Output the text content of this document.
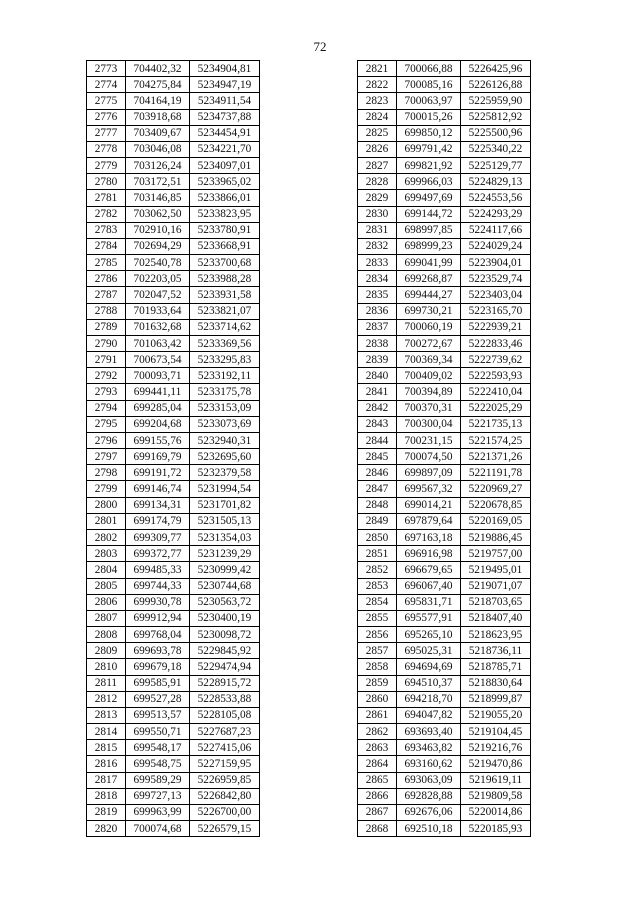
72
2773	704402,32	5234904,81
2774	704275,84	5234947,19
2775	704164,19	5234911,54
2776	703918,68	5234737,88
2777	703409,67	5234454,91
2778	703046,08	5234221,70
2779	703126,24	5234097,01
2780	703172,51	5233965,02
2781	703146,85	5233866,01
2782	703062,50	5233823,95
2783	702910,16	5233780,91
2784	702694,29	5233668,91
2785	702540,78	5233700,68
2786	702203,05	5233988,28
2787	702047,52	5233931,58
2788	701933,64	5233821,07
2789	701632,68	5233714,62
2790	701063,42	5233369,56
2791	700673,54	5233295,83
2792	700093,71	5233192,11
2793	699441,11	5233175,78
2794	699285,04	5233153,09
2795	699204,68	5233073,69
2796	699155,76	5232940,31
2797	699169,79	5232695,60
2798	699191,72	5232379,58
2799	699146,74	5231994,54
2800	699134,31	5231701,82
2801	699174,79	5231505,13
2802	699309,77	5231354,03
2803	699372,77	5231239,29
2804	699485,33	5230999,42
2805	699744,33	5230744,68
2806	699930,78	5230563,72
2807	699912,94	5230400,19
2808	699768,04	5230098,72
2809	699693,78	5229845,92
2810	699679,18	5229474,94
2811	699585,91	5228915,72
2812	699527,28	5228533,88
2813	699513,57	5228105,08
2814	699550,71	5227687,23
2815	699548,17	5227415,06
2816	699548,75	5227159,95
2817	699589,29	5226959,85
2818	699727,13	5226842,80
2819	699963,99	5226700,00
2820	700074,68	5226579,15
2821	700066,88	5226425,96
2822	700085,16	5226126,88
2823	700063,97	5225959,90
2824	700015,26	5225812,92
2825	699850,12	5225500,96
2826	699791,42	5225340,22
2827	699821,92	5225129,77
2828	699966,03	5224829,13
2829	699497,69	5224553,56
2830	699144,72	5224293,29
2831	698997,85	5224117,66
2832	698999,23	5224029,24
2833	699041,99	5223904,01
2834	699268,87	5223529,74
2835	699444,27	5223403,04
2836	699730,21	5223165,70
2837	700060,19	5222939,21
2838	700272,67	5222833,46
2839	700369,34	5222739,62
2840	700409,02	5222593,93
2841	700394,89	5222410,04
2842	700370,31	5222025,29
2843	700300,04	5221735,13
2844	700231,15	5221574,25
2845	700074,50	5221371,26
2846	699897,09	5221191,78
2847	699567,32	5220969,27
2848	699014,21	5220678,85
2849	697879,64	5220169,05
2850	697163,18	5219886,45
2851	696916,98	5219757,00
2852	696679,65	5219495,01
2853	696067,40	5219071,07
2854	695831,71	5218703,65
2855	695577,91	5218407,40
2856	695265,10	5218623,95
2857	695025,31	5218736,11
2858	694694,69	5218785,71
2859	694510,37	5218830,64
2860	694218,70	5218999,87
2861	694047,82	5219055,20
2862	693693,40	5219104,45
2863	693463,82	5219216,76
2864	693160,62	5219470,86
2865	693063,09	5219619,11
2866	692828,88	5219809,58
2867	692676,06	5220014,86
2868	692510,18	5220185,93
